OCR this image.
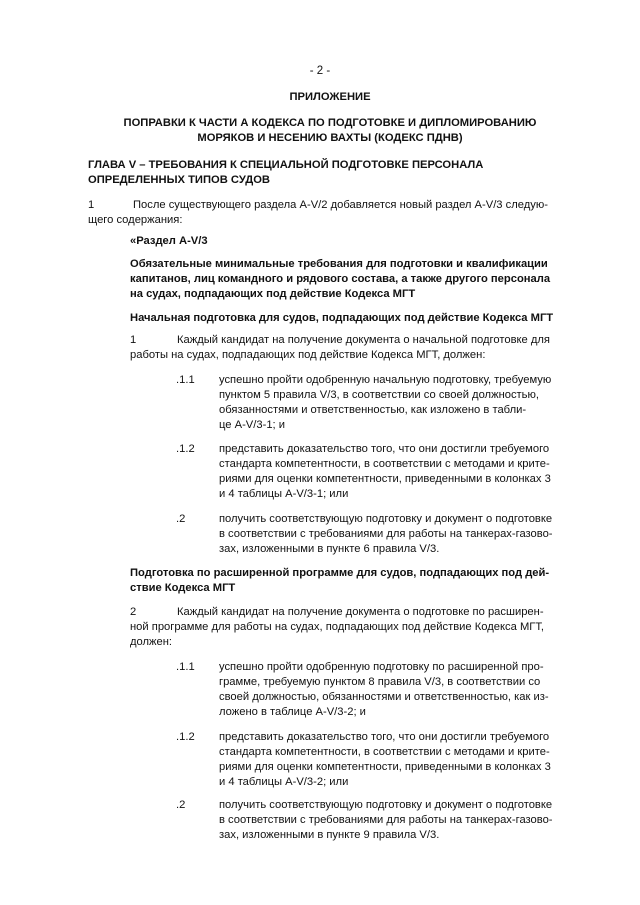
- 2 -
ПРИЛОЖЕНИЕ
ПОПРАВКИ К ЧАСТИ А КОДЕКСА ПО ПОДГОТОВКЕ И ДИПЛОМИРОВАНИЮ
МОРЯКОВ И НЕСЕНИЮ ВАХТЫ (КОДЕКС ПДНВ)
ГЛАВА V – ТРЕБОВАНИЯ К СПЕЦИАЛЬНОЙ ПОДГОТОВКЕ ПЕРСОНАЛА
ОПРЕДЕЛЕННЫХ ТИПОВ СУДОВ
1	После существующего раздела A-V/2 добавляется новый раздел A-V/3 следую-
щего содержания:
«Раздел A-V/3
Обязательные минимальные требования для подготовки и квалификации
капитанов, лиц командного и рядового состава, а также другого персонала
на судах, подпадающих под действие Кодекса МГТ
Начальная подготовка для судов, подпадающих под действие Кодекса МГТ
1	Каждый кандидат на получение документа о начальной подготовке для
работы на судах, подпадающих под действие Кодекса МГТ, должен:
.1.1 успешно пройти одобренную начальную подготовку, требуемую
пунктом 5 правила V/3, в соответствии со своей должностью,
обязанностями и ответственностью, как изложено в табли-
це A-V/3-1; и
.1.2 представить доказательство того, что они достигли требуемого
стандарта компетентности, в соответствии с методами и крите-
риями для оценки компетентности, приведенными в колонках 3
и 4 таблицы A-V/3-1; или
.2	получить соответствующую подготовку и документ о подготовке
в соответствии с требованиями для работы на танкерах-газово-
зах, изложенными в пункте 6 правила V/3.
Подготовка по расширенной программе для судов, подпадающих под дей-
ствие Кодекса МГТ
2	Каждый кандидат на получение документа о подготовке по расширен-
ной программе для работы на судах, подпадающих под действие Кодекса МГТ,
должен:
.1.1 успешно пройти одобренную подготовку по расширенной про-
грамме, требуемую пунктом 8 правила V/3, в соответствии со
своей должностью, обязанностями и ответственностью, как из-
ложено в таблице A-V/3-2; и
.1.2 представить доказательство того, что они достигли требуемого
стандарта компетентности, в соответствии с методами и крите-
риями для оценки компетентности, приведенными в колонках 3
и 4 таблицы A-V/3-2; или
.2	получить соответствующую подготовку и документ о подготовке
в соответствии с требованиями для работы на танкерах-газово-
зах, изложенными в пункте 9 правила V/3.
